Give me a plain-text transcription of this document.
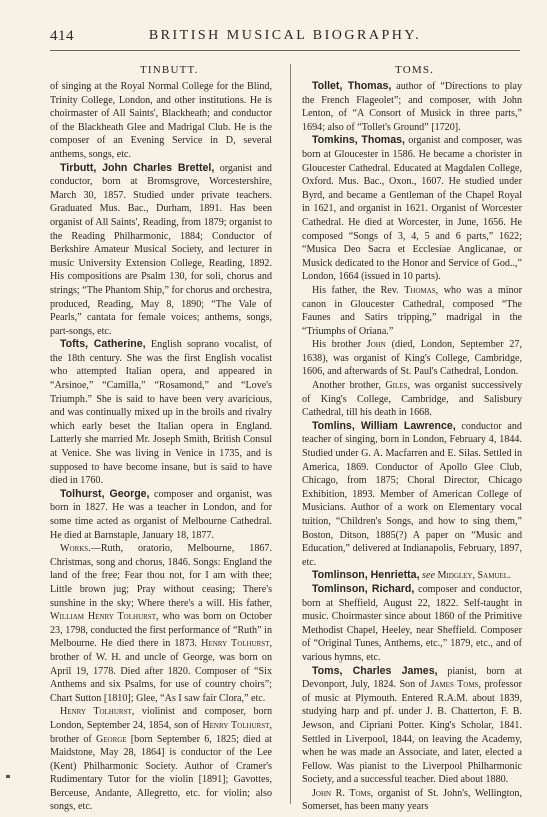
414	BRITISH MUSICAL BIOGRAPHY.
TINBUTT.	TOMS.

of singing at the Royal Normal College for the Blind, Trinity College, London, and other institutions. He is choirmaster of All Saints', Blackheath; and conductor of the Blackheath Glee and Madrigal Club. He is the composer of an Evening Service in D, several anthems, songs, etc.

Tirbutt, John Charles Brettel, organist and conductor, born at Bromsgrove, Worcestershire, March 30, 1857. Studied under private teachers. Graduated Mus. Bac., Durham, 1891. Has been organist of All Saints', Reading, from 1879; organist to the Reading Philharmonic, 1884; Conductor of Berkshire Amateur Musical Society, and lecturer in music University Extension College, Reading, 1892. His compositions are Psalm 130, for soli, chorus and strings; “The Phantom Ship,” for chorus and orchestra, produced, Reading, May 8, 1890; “The Vale of Pearls,” cantata for female voices; anthems, songs, part-songs, etc.

Tofts, Catherine, English soprano vocalist, of the 18th century. She was the first English vocalist who attempted Italian opera, and appeared in “Arsinoe,” “Camilla,” “Rosamond,” and “Love's Triumph.” She is said to have been very avaricious, and was continually mixed up in the broils and rivalry which early beset the Italian opera in England. Latterly she married Mr. Joseph Smith, British Consul at Venice. She was living in Venice in 1735, and is supposed to have become insane, but is said to have died in 1760.

Tolhurst, George, composer and organist, was born in 1827. He was a teacher in London, and for some time acted as organist of Melbourne Cathedral. He died at Barnstaple, January 18, 1877.

Works.—Ruth, oratorio, Melbourne, 1867. Christmas, song and chorus, 1846. Songs: England the land of the free; Fear thou not, for I am with thee; Little brown jug; Pray without ceasing; There's sunshine in the sky; Where there's a will. His father, William Henry Tolhurst, who was born on October 23, 1798, conducted the first performance of “Ruth” in Melbourne. He died there in 1873. Henry Tolhurst, brother of W. H. and uncle of George, was born on April 19, 1778. Died after 1820. Composer of “Six Anthems and six Psalms, for use of country choirs”; Chart Sutton [1810]; Glee, “As I saw fair Clora,” etc.

Henry Tolhurst, violinist and composer, born London, September 24, 1854, son of Henry Tolhurst, brother of George [born September 6, 1825; died at Maidstone, May 28, 1864] is conductor of the Lee (Kent) Philharmonic Society. Author of Cramer's Rudimentary Tutor for the violin [1891]; Gavottes, Berceuse, Andante, Allegretto, etc. for violin; also songs, etc.

Tollet, Thomas, author of “Directions to play the French Flageolet”; and composer, with John Lenton, of “A Consort of Musick in three parts,” 1694; also of “Tollet's Ground” [1720].

Tomkins, Thomas, organist and composer, was born at Gloucester in 1586. He became a chorister in Gloucester Cathedral. Educated at Magdalen College, Oxford. Mus. Bac., Oxon., 1607. He studied under Byrd, and became a Gentleman of the Chapel Royal in 1621, and organist in 1621. Organist of Worcester Cathedral. He died at Worcester, in June, 1656. He composed “Songs of 3, 4, 5 and 6 parts,” 1622; “Musica Deo Sacra et Ecclesiae Anglicanae, or Musick dedicated to the Honor and Service of God..,” London, 1664 (issued in 10 parts).

His father, the Rev. Thomas, who was a minor canon in Gloucester Cathedral, composed “The Faunes and Satirs tripping,” madrigal in the “Triumphs of Oriana.”

His brother John (died, London, September 27, 1638), was organist of King's College, Cambridge, 1606, and afterwards of St. Paul's Cathedral, London.

Another brother, Giles, was organist successively of King's College, Cambridge, and Salisbury Cathedral, till his death in 1668.

Tomlins, William Lawrence, conductor and teacher of singing, born in London, February 4, 1844. Studied under G. A. Macfarren and E. Silas. Settled in America, 1869. Conductor of Apollo Glee Club, Chicago, from 1875; Choral Director, Chicago Exhibition, 1893. Member of American College of Musicians. Author of a work on Elementary vocal tuition, “Children's Songs, and how to sing them,” Boston, Ditson, 1885(?) A paper on “Music and Education,” delivered at Indianapolis, February, 1897, etc.

Tomlinson, Henrietta, see Midgley, Samuel.

Tomlinson, Richard, composer and conductor, born at Sheffield, August 22, 1822. Self-taught in music. Choirmaster since about 1860 of the Primitive Methodist Chapel, Heeley, near Sheffield. Composer of “Original Tunes, Anthems, etc.,” 1879, etc., and of various hymns, etc.

Toms, Charles James, pianist, born at Devonport, July, 1824. Son of James Toms, professor of music at Plymouth. Entered R.A.M. about 1839, studying harp and pf. under J. B. Chatterton, F. B. Jewson, and Cipriani Potter. King's Scholar, 1841. Settled in Liverpool, 1844, on leaving the Academy, when he was made an Associate, and later, elected a Fellow. Was pianist to the Liverpool Philharmonic Society, and a successful teacher. Died about 1880.

John R. Toms, organist of St. John's, Wellington, Somerset, has been many years
